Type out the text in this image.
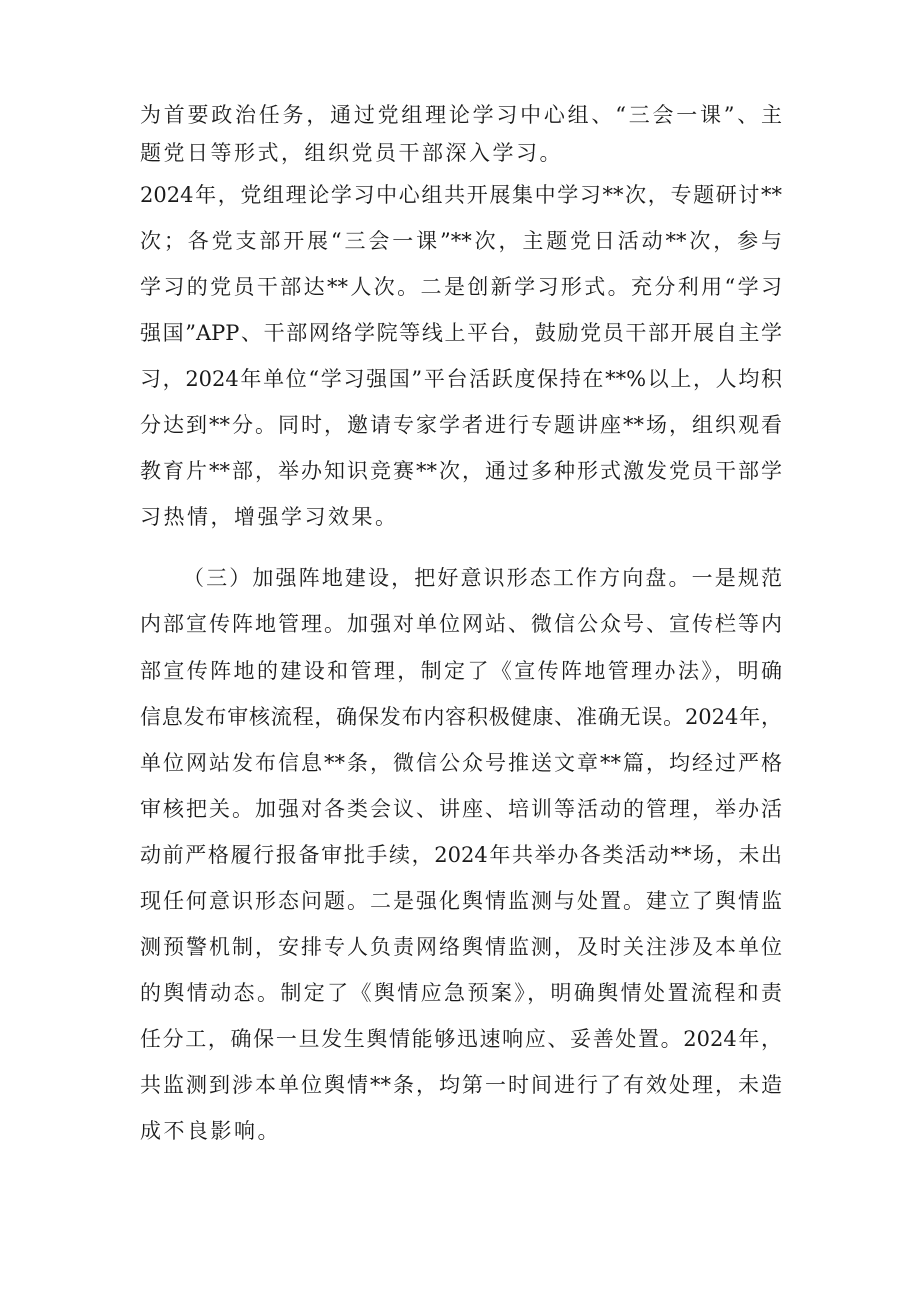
为首要政治任务，通过党组理论学习中心组、“三会一课”、主
题党日等形式，组织党员干部深入学习。
2024年，党组理论学习中心组共开展集中学习**次，专题研讨**
次；各党支部开展“三会一课”**次，主题党日活动**次，参与
学习的党员干部达**人次。二是创新学习形式。充分利用“学习
强国”APP、干部网络学院等线上平台，鼓励党员干部开展自主学
习，2024年单位“学习强国”平台活跃度保持在**%以上，人均积
分达到**分。同时，邀请专家学者进行专题讲座**场，组织观看
教育片**部，举办知识竞赛**次，通过多种形式激发党员干部学
习热情，增强学习效果。
（三）加强阵地建设，把好意识形态工作方向盘。一是规范
内部宣传阵地管理。加强对单位网站、微信公众号、宣传栏等内
部宣传阵地的建设和管理，制定了《宣传阵地管理办法》，明确
信息发布审核流程，确保发布内容积极健康、准确无误。2024年，
单位网站发布信息**条，微信公众号推送文章**篇，均经过严格
审核把关。加强对各类会议、讲座、培训等活动的管理，举办活
动前严格履行报备审批手续，2024年共举办各类活动**场，未出
现任何意识形态问题。二是强化舆情监测与处置。建立了舆情监
测预警机制，安排专人负责网络舆情监测，及时关注涉及本单位
的舆情动态。制定了《舆情应急预案》，明确舆情处置流程和责
任分工，确保一旦发生舆情能够迅速响应、妥善处置。2024年，
共监测到涉本单位舆情**条，均第一时间进行了有效处理，未造
成不良影响。
